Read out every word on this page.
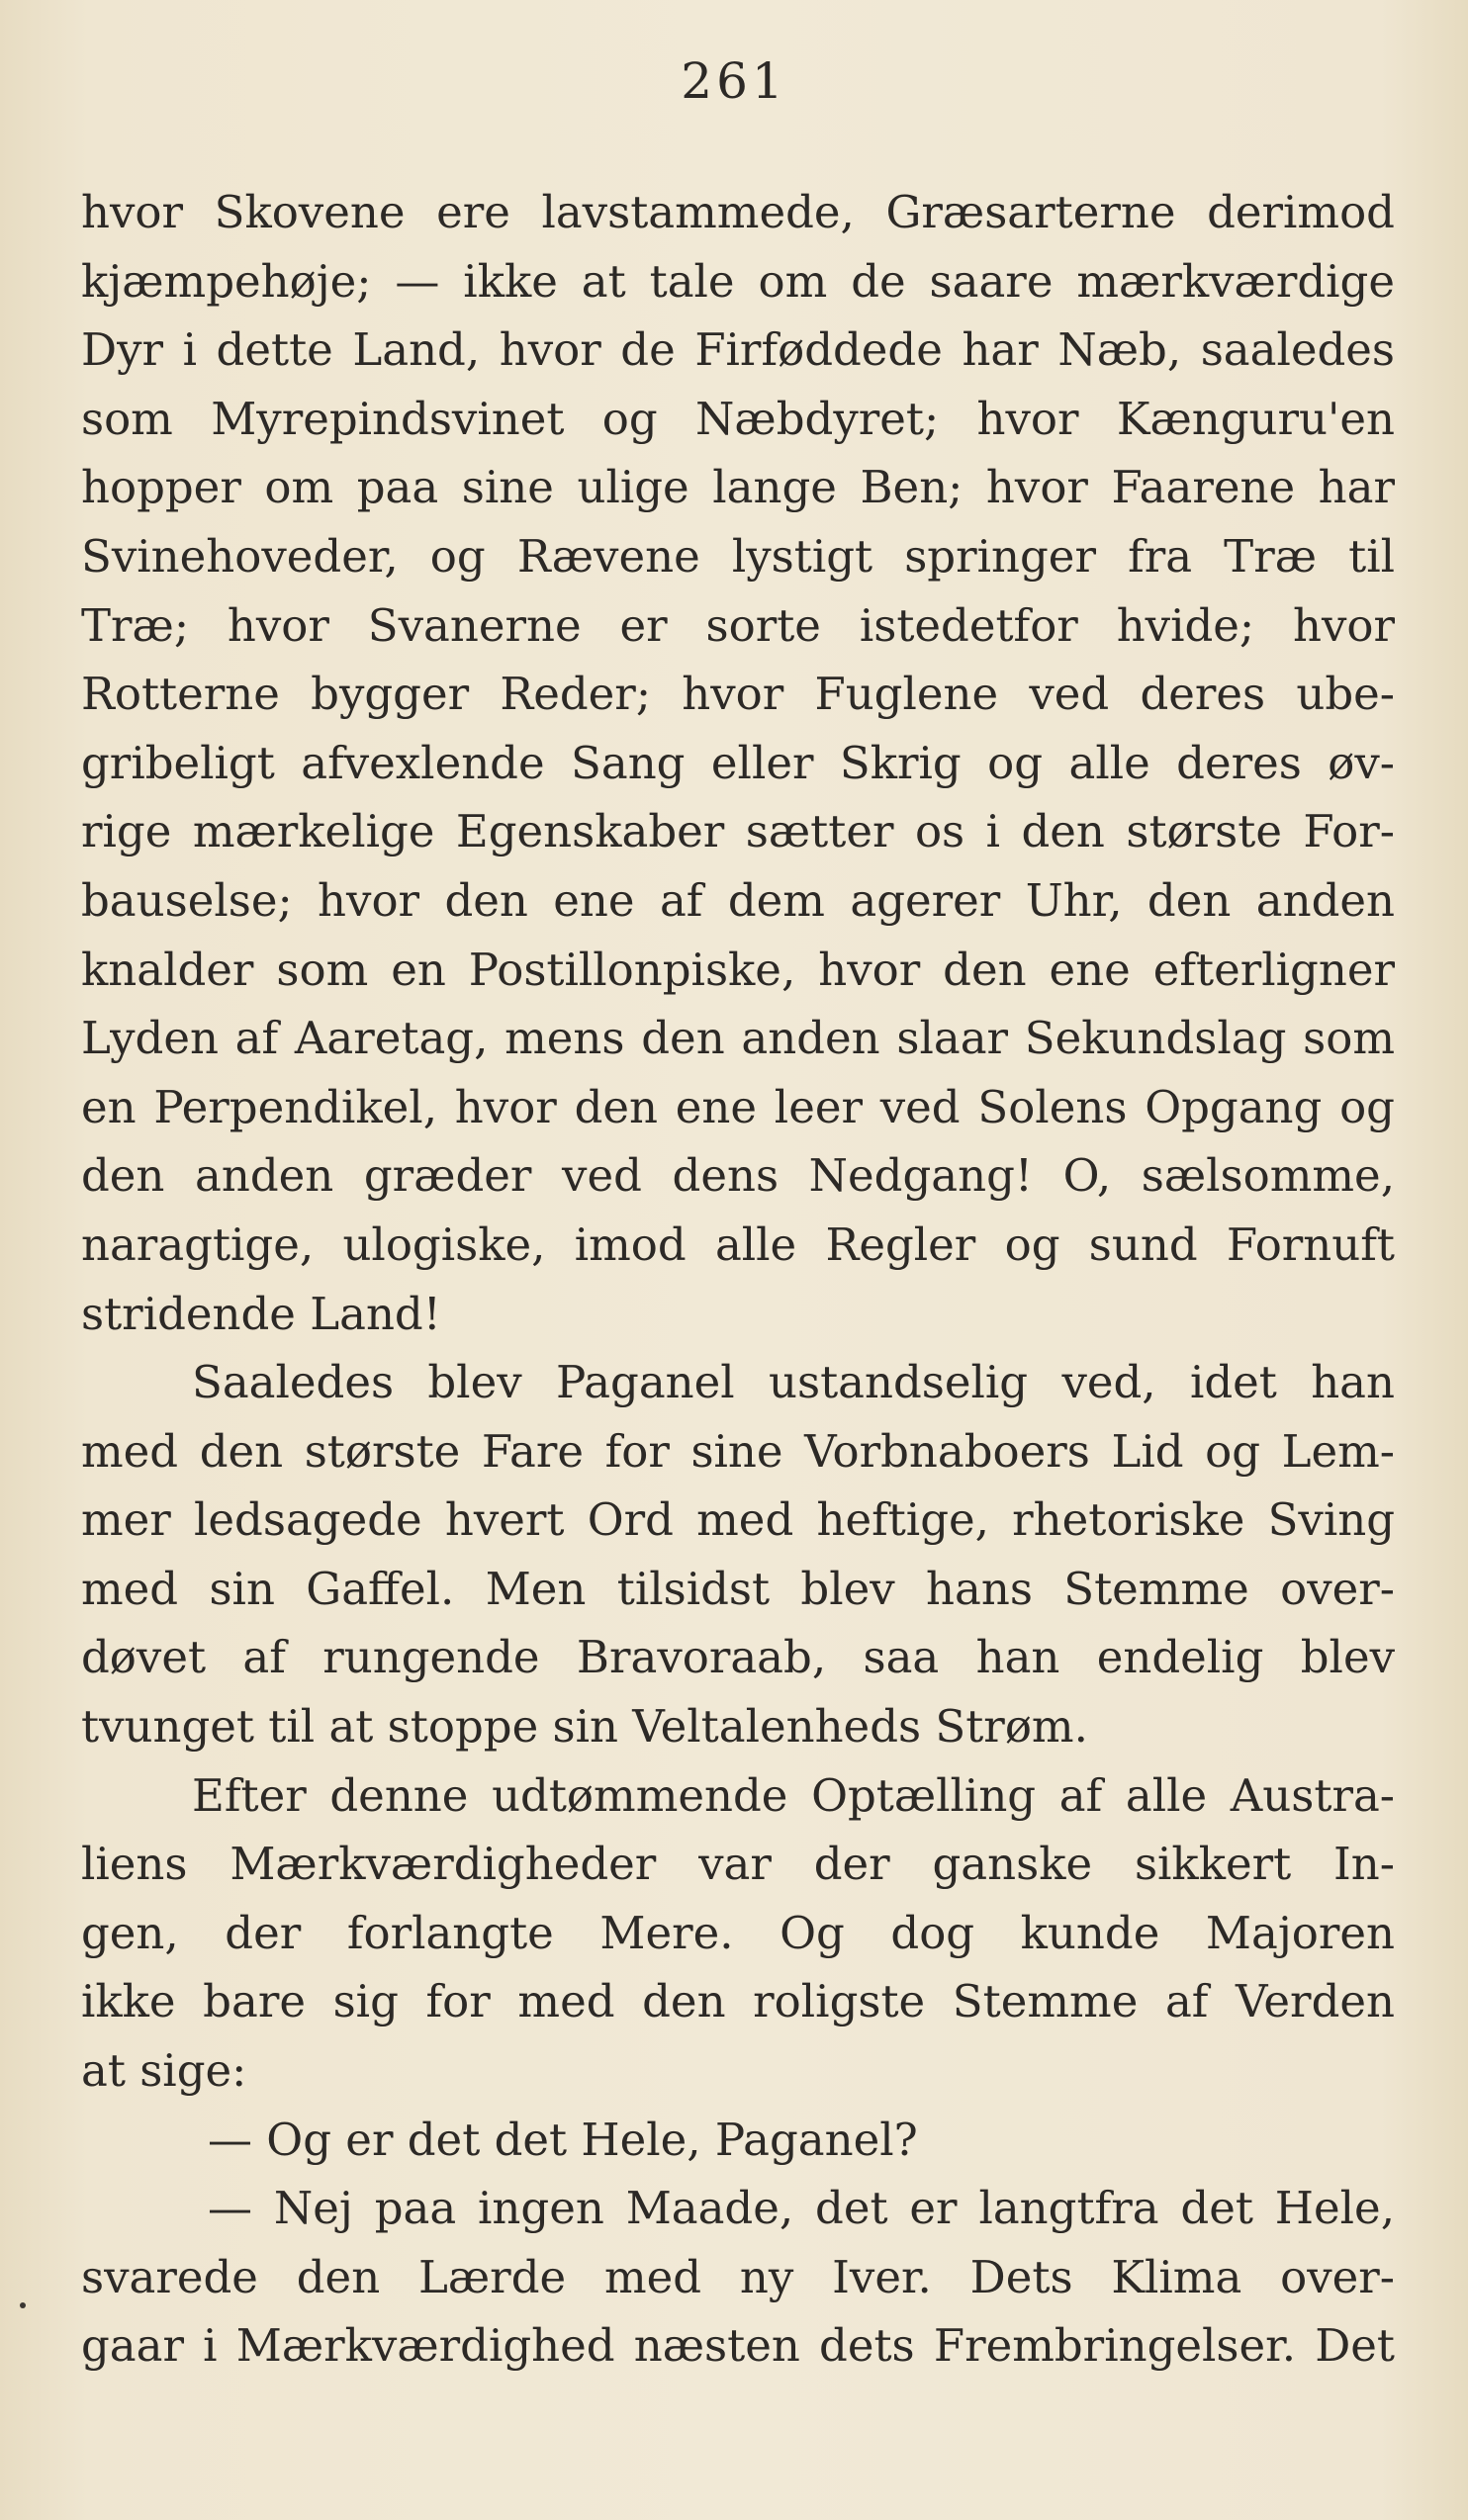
261
hvor Skovene ere lavstammede, Græsarterne derimod
kjæmpehøje; — ikke at tale om de saare mærkværdige
Dyr i dette Land, hvor de Firføddede har Næb, saaledes
som Myrepindsvinet og Næbdyret; hvor Kænguru'en
hopper om paa sine ulige lange Ben; hvor Faarene har
Svinehoveder, og Rævene lystigt springer fra Træ til
Træ; hvor Svanerne er sorte istedetfor hvide; hvor
Rotterne bygger Reder; hvor Fuglene ved deres ube-
gribeligt afvexlende Sang eller Skrig og alle deres øv-
rige mærkelige Egenskaber sætter os i den største For-
bauselse; hvor den ene af dem agerer Uhr, den anden
knalder som en Postillonpiske, hvor den ene efterligner
Lyden af Aaretag, mens den anden slaar Sekundslag som
en Perpendikel, hvor den ene leer ved Solens Opgang og
den anden græder ved dens Nedgang! O, sælsomme,
naragtige, ulogiske, imod alle Regler og sund Fornuft
stridende Land!
Saaledes blev Paganel ustandselig ved, idet han
med den største Fare for sine Vorbnaboers Lid og Lem-
mer ledsagede hvert Ord med heftige, rhetoriske Sving
med sin Gaffel. Men tilsidst blev hans Stemme over-
døvet af rungende Bravoraab, saa han endelig blev
tvunget til at stoppe sin Veltalenheds Strøm.
Efter denne udtømmende Optælling af alle Austra-
liens Mærkværdigheder var der ganske sikkert In-
gen, der forlangte Mere. Og dog kunde Majoren
ikke bare sig for med den roligste Stemme af Verden
at sige:
— Og er det det Hele, Paganel?
— Nej paa ingen Maade, det er langtfra det Hele,
svarede den Lærde med ny Iver. Dets Klima over-
gaar i Mærkværdighed næsten dets Frembringelser. Det
